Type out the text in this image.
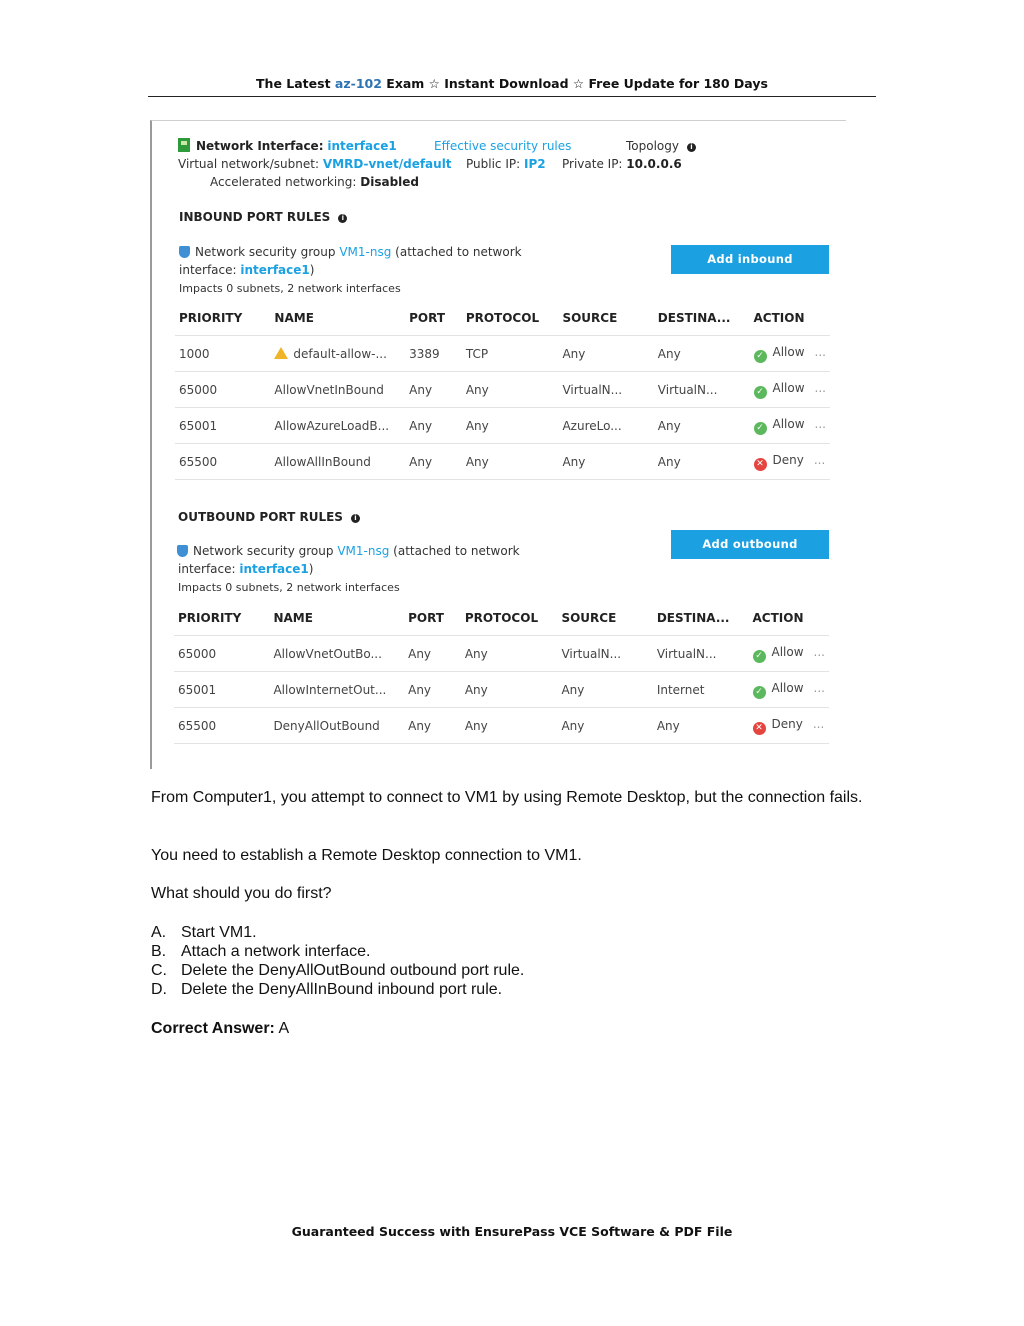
The Latest az-102 Exam ☆ Instant Download ☆ Free Update for 180 Days
Network Interface: interface1	Effective security rules	Topology i
Virtual network/subnet: VMRD-vnet/default Public IP: IP2 Private IP: 10.0.0.6
Accelerated networking: Disabled
INBOUND PORT RULES i
Network security group VM1-nsg (attached to network
interface: interface1)
Impacts 0 subnets, 2 network interfaces
Add inbound
PRIORITY	NAME	PORT	PROTOCOL	SOURCE	DESTINA...	ACTION
1000	default-allow-...	3389	TCP	Any	Any	✓ Allow ...
65000	AllowVnetInBound	Any	Any	VirtualN...	VirtualN...	✓ Allow ...
65001	AllowAzureLoadB...	Any	Any	AzureLo...	Any	✓ Allow ...
65500	AllowAllInBound	Any	Any	Any	Any	✕ Deny ...
OUTBOUND PORT RULES i
Network security group VM1-nsg (attached to network
interface: interface1)
Impacts 0 subnets, 2 network interfaces
Add outbound
PRIORITY	NAME	PORT	PROTOCOL	SOURCE	DESTINA...	ACTION
65000	AllowVnetOutBo...	Any	Any	VirtualN...	VirtualN...	✓ Allow ...
65001	AllowInternetOut...	Any	Any	Any	Internet	✓ Allow ...
65500	DenyAllOutBound	Any	Any	Any	Any	✕ Deny ...
From Computer1, you attempt to connect to VM1 by using Remote Desktop, but the connection fails.
You need to establish a Remote Desktop connection to VM1.
What should you do first?
A. Start VM1.
B. Attach a network interface.
C. Delete the DenyAllOutBound outbound port rule.
D. Delete the DenyAllInBound inbound port rule.
Correct Answer: A
Guaranteed Success with EnsurePass VCE Software & PDF File
